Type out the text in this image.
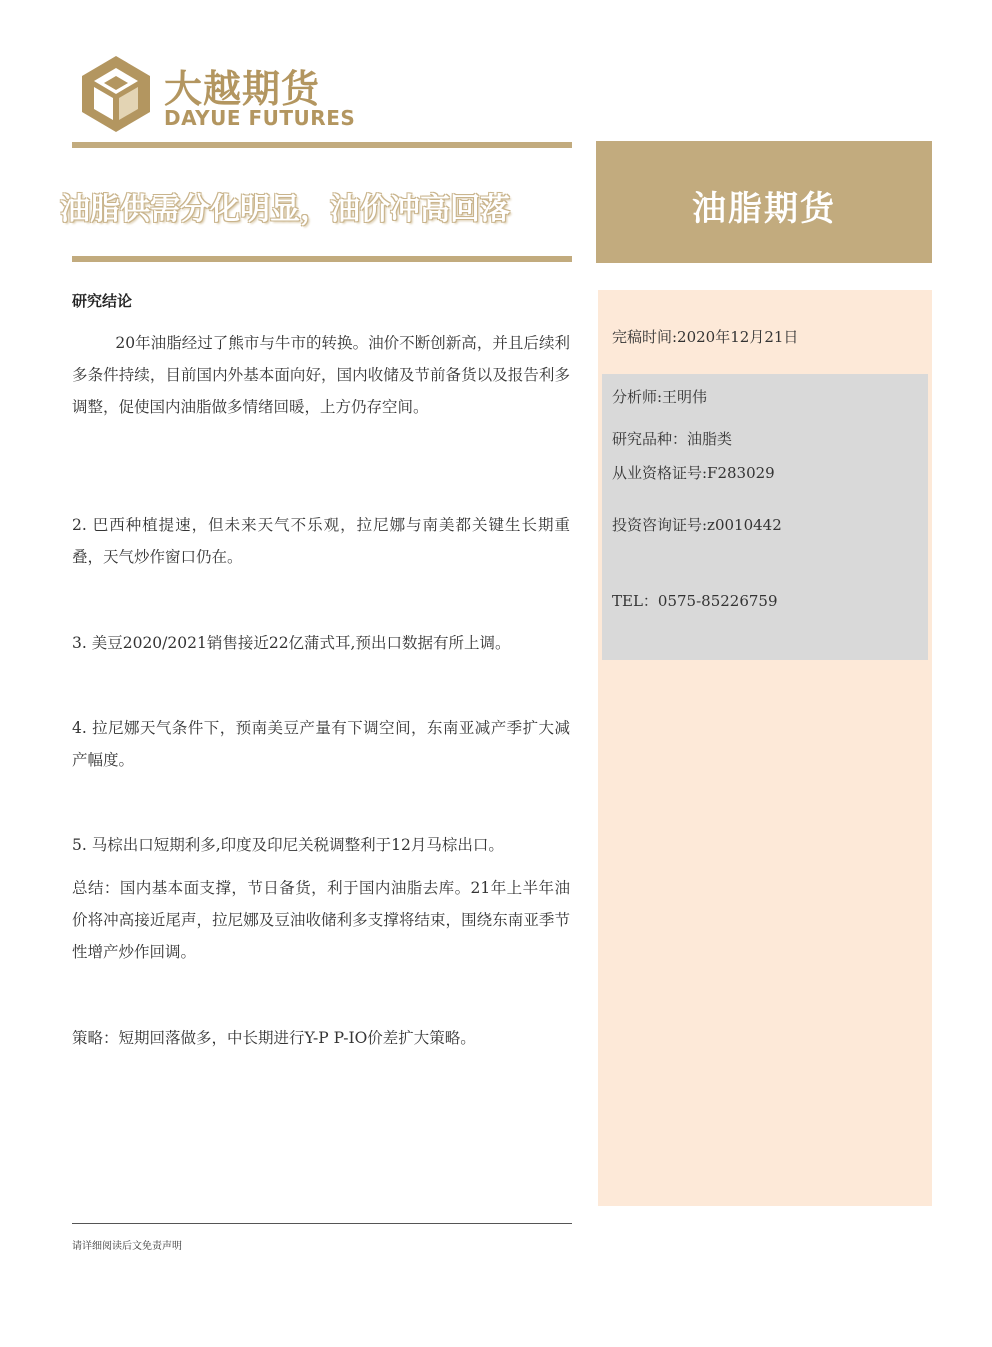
大越期货
DAYUE FUTURES
油脂供需分化明显，油价冲高回落	油脂期货
完稿时间:2020年12月21日
分析师:王明伟
研究品种：油脂类
从业资格证号:F283029
投资咨询证号:z0010442
TEL：0575-85226759
研究结论
20年油脂经过了熊市与牛市的转换。油价不断创新高，并且后续利多条件持续，目前国内外基本面向好，国内收储及节前备货以及报告利多调整，促使国内油脂做多情绪回暖，上方仍存空间。
2. 巴西种植提速，但未来天气不乐观，拉尼娜与南美都关键生长期重叠，天气炒作窗口仍在。
3. 美豆2020/2021销售接近22亿蒲式耳,预出口数据有所上调。
4. 拉尼娜天气条件下，预南美豆产量有下调空间，东南亚减产季扩大减产幅度。
5. 马棕出口短期利多,印度及印尼关税调整利于12月马棕出口。
总结：国内基本面支撑，节日备货，利于国内油脂去库。21年上半年油价将冲高接近尾声，拉尼娜及豆油收储利多支撑将结束，围绕东南亚季节性增产炒作回调。
策略：短期回落做多，中长期进行Y-P P-IO价差扩大策略。
请详细阅读后文免责声明
